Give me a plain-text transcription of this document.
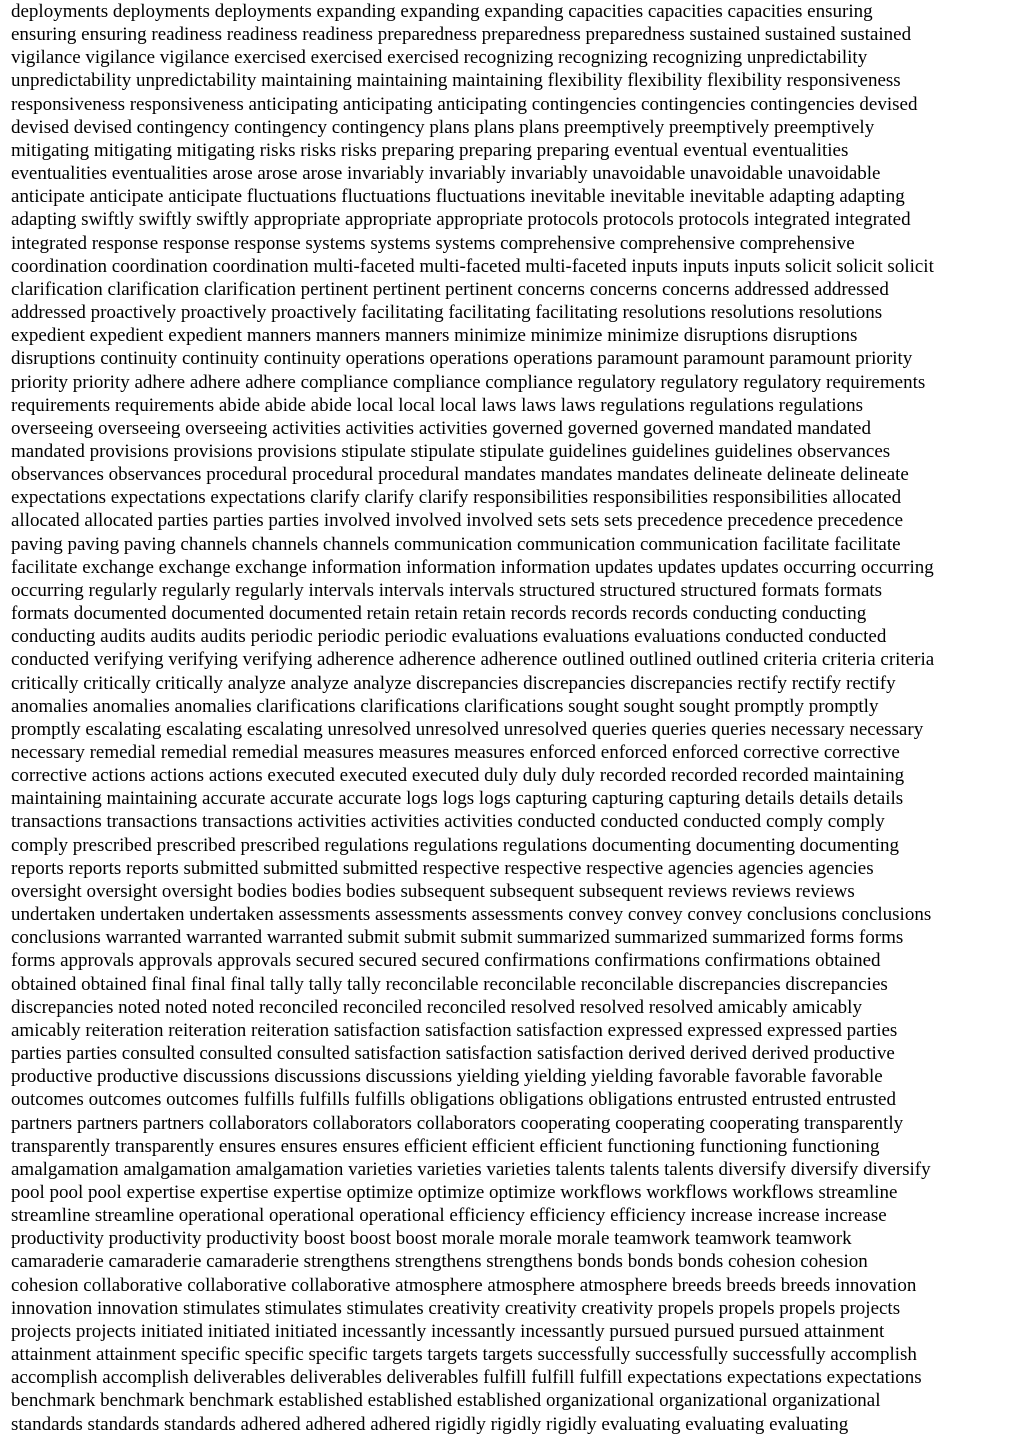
deployments deployments deployments expanding expanding expanding capacities capacities capacities ensuring
ensuring ensuring readiness readiness readiness preparedness preparedness preparedness sustained sustained sustained
vigilance vigilance vigilance exercised exercised exercised recognizing recognizing recognizing unpredictability
unpredictability unpredictability maintaining maintaining maintaining flexibility flexibility flexibility responsiveness
responsiveness responsiveness anticipating anticipating anticipating contingencies contingencies contingencies devised
devised devised contingency contingency contingency plans plans plans preemptively preemptively preemptively
mitigating mitigating mitigating risks risks risks preparing preparing preparing eventual eventual eventualities
eventualities eventualities arose arose arose invariably invariably invariably unavoidable unavoidable unavoidable
anticipate anticipate anticipate fluctuations fluctuations fluctuations inevitable inevitable inevitable adapting adapting
adapting swiftly swiftly swiftly appropriate appropriate appropriate protocols protocols protocols integrated integrated
integrated response response response systems systems systems comprehensive comprehensive comprehensive
coordination coordination coordination multi-faceted multi-faceted multi-faceted inputs inputs inputs solicit solicit solicit
clarification clarification clarification pertinent pertinent pertinent concerns concerns concerns addressed addressed
addressed proactively proactively proactively facilitating facilitating facilitating resolutions resolutions resolutions
expedient expedient expedient manners manners manners minimize minimize minimize disruptions disruptions
disruptions continuity continuity continuity operations operations operations paramount paramount paramount priority
priority priority adhere adhere adhere compliance compliance compliance regulatory regulatory regulatory requirements
requirements requirements abide abide abide local local local laws laws laws regulations regulations regulations
overseeing overseeing overseeing activities activities activities governed governed governed mandated mandated
mandated provisions provisions provisions stipulate stipulate stipulate guidelines guidelines guidelines observances
observances observances procedural procedural procedural mandates mandates mandates delineate delineate delineate
expectations expectations expectations clarify clarify clarify responsibilities responsibilities responsibilities allocated
allocated allocated parties parties parties involved involved involved sets sets sets precedence precedence precedence
paving paving paving channels channels channels communication communication communication facilitate facilitate
facilitate exchange exchange exchange information information information updates updates updates occurring occurring
occurring regularly regularly regularly intervals intervals intervals structured structured structured formats formats
formats documented documented documented retain retain retain records records records conducting conducting
conducting audits audits audits periodic periodic periodic evaluations evaluations evaluations conducted conducted
conducted verifying verifying verifying adherence adherence adherence outlined outlined outlined criteria criteria criteria
critically critically critically analyze analyze analyze discrepancies discrepancies discrepancies rectify rectify rectify
anomalies anomalies anomalies clarifications clarifications clarifications sought sought sought promptly promptly
promptly escalating escalating escalating unresolved unresolved unresolved queries queries queries necessary necessary
necessary remedial remedial remedial measures measures measures enforced enforced enforced corrective corrective
corrective actions actions actions executed executed executed duly duly duly recorded recorded recorded maintaining
maintaining maintaining accurate accurate accurate logs logs logs capturing capturing capturing details details details
transactions transactions transactions activities activities activities conducted conducted conducted comply comply
comply prescribed prescribed prescribed regulations regulations regulations documenting documenting documenting
reports reports reports submitted submitted submitted respective respective respective agencies agencies agencies
oversight oversight oversight bodies bodies bodies subsequent subsequent subsequent reviews reviews reviews
undertaken undertaken undertaken assessments assessments assessments convey convey convey conclusions conclusions
conclusions warranted warranted warranted submit submit submit summarized summarized summarized forms forms
forms approvals approvals approvals secured secured secured confirmations confirmations confirmations obtained
obtained obtained final final final tally tally tally reconcilable reconcilable reconcilable discrepancies discrepancies
discrepancies noted noted noted reconciled reconciled reconciled resolved resolved resolved amicably amicably
amicably reiteration reiteration reiteration satisfaction satisfaction satisfaction expressed expressed expressed parties
parties parties consulted consulted consulted satisfaction satisfaction satisfaction derived derived derived productive
productive productive discussions discussions discussions yielding yielding yielding favorable favorable favorable
outcomes outcomes outcomes fulfills fulfills fulfills obligations obligations obligations entrusted entrusted entrusted
partners partners partners collaborators collaborators collaborators cooperating cooperating cooperating transparently
transparently transparently ensures ensures ensures efficient efficient efficient functioning functioning functioning
amalgamation amalgamation amalgamation varieties varieties varieties talents talents talents diversify diversify diversify
pool pool pool expertise expertise expertise optimize optimize optimize workflows workflows workflows streamline
streamline streamline operational operational operational efficiency efficiency efficiency increase increase increase
productivity productivity productivity boost boost boost morale morale morale teamwork teamwork teamwork
camaraderie camaraderie camaraderie strengthens strengthens strengthens bonds bonds bonds cohesion cohesion
cohesion collaborative collaborative collaborative atmosphere atmosphere atmosphere breeds breeds breeds innovation
innovation innovation stimulates stimulates stimulates creativity creativity creativity propels propels propels projects
projects projects initiated initiated initiated incessantly incessantly incessantly pursued pursued pursued attainment
attainment attainment specific specific specific targets targets targets successfully successfully successfully accomplish
accomplish accomplish deliverables deliverables deliverables fulfill fulfill fulfill expectations expectations expectations
benchmark benchmark benchmark established established established organizational organizational organizational
standards standards standards adhered adhered adhered rigidly rigidly rigidly evaluating evaluating evaluating
